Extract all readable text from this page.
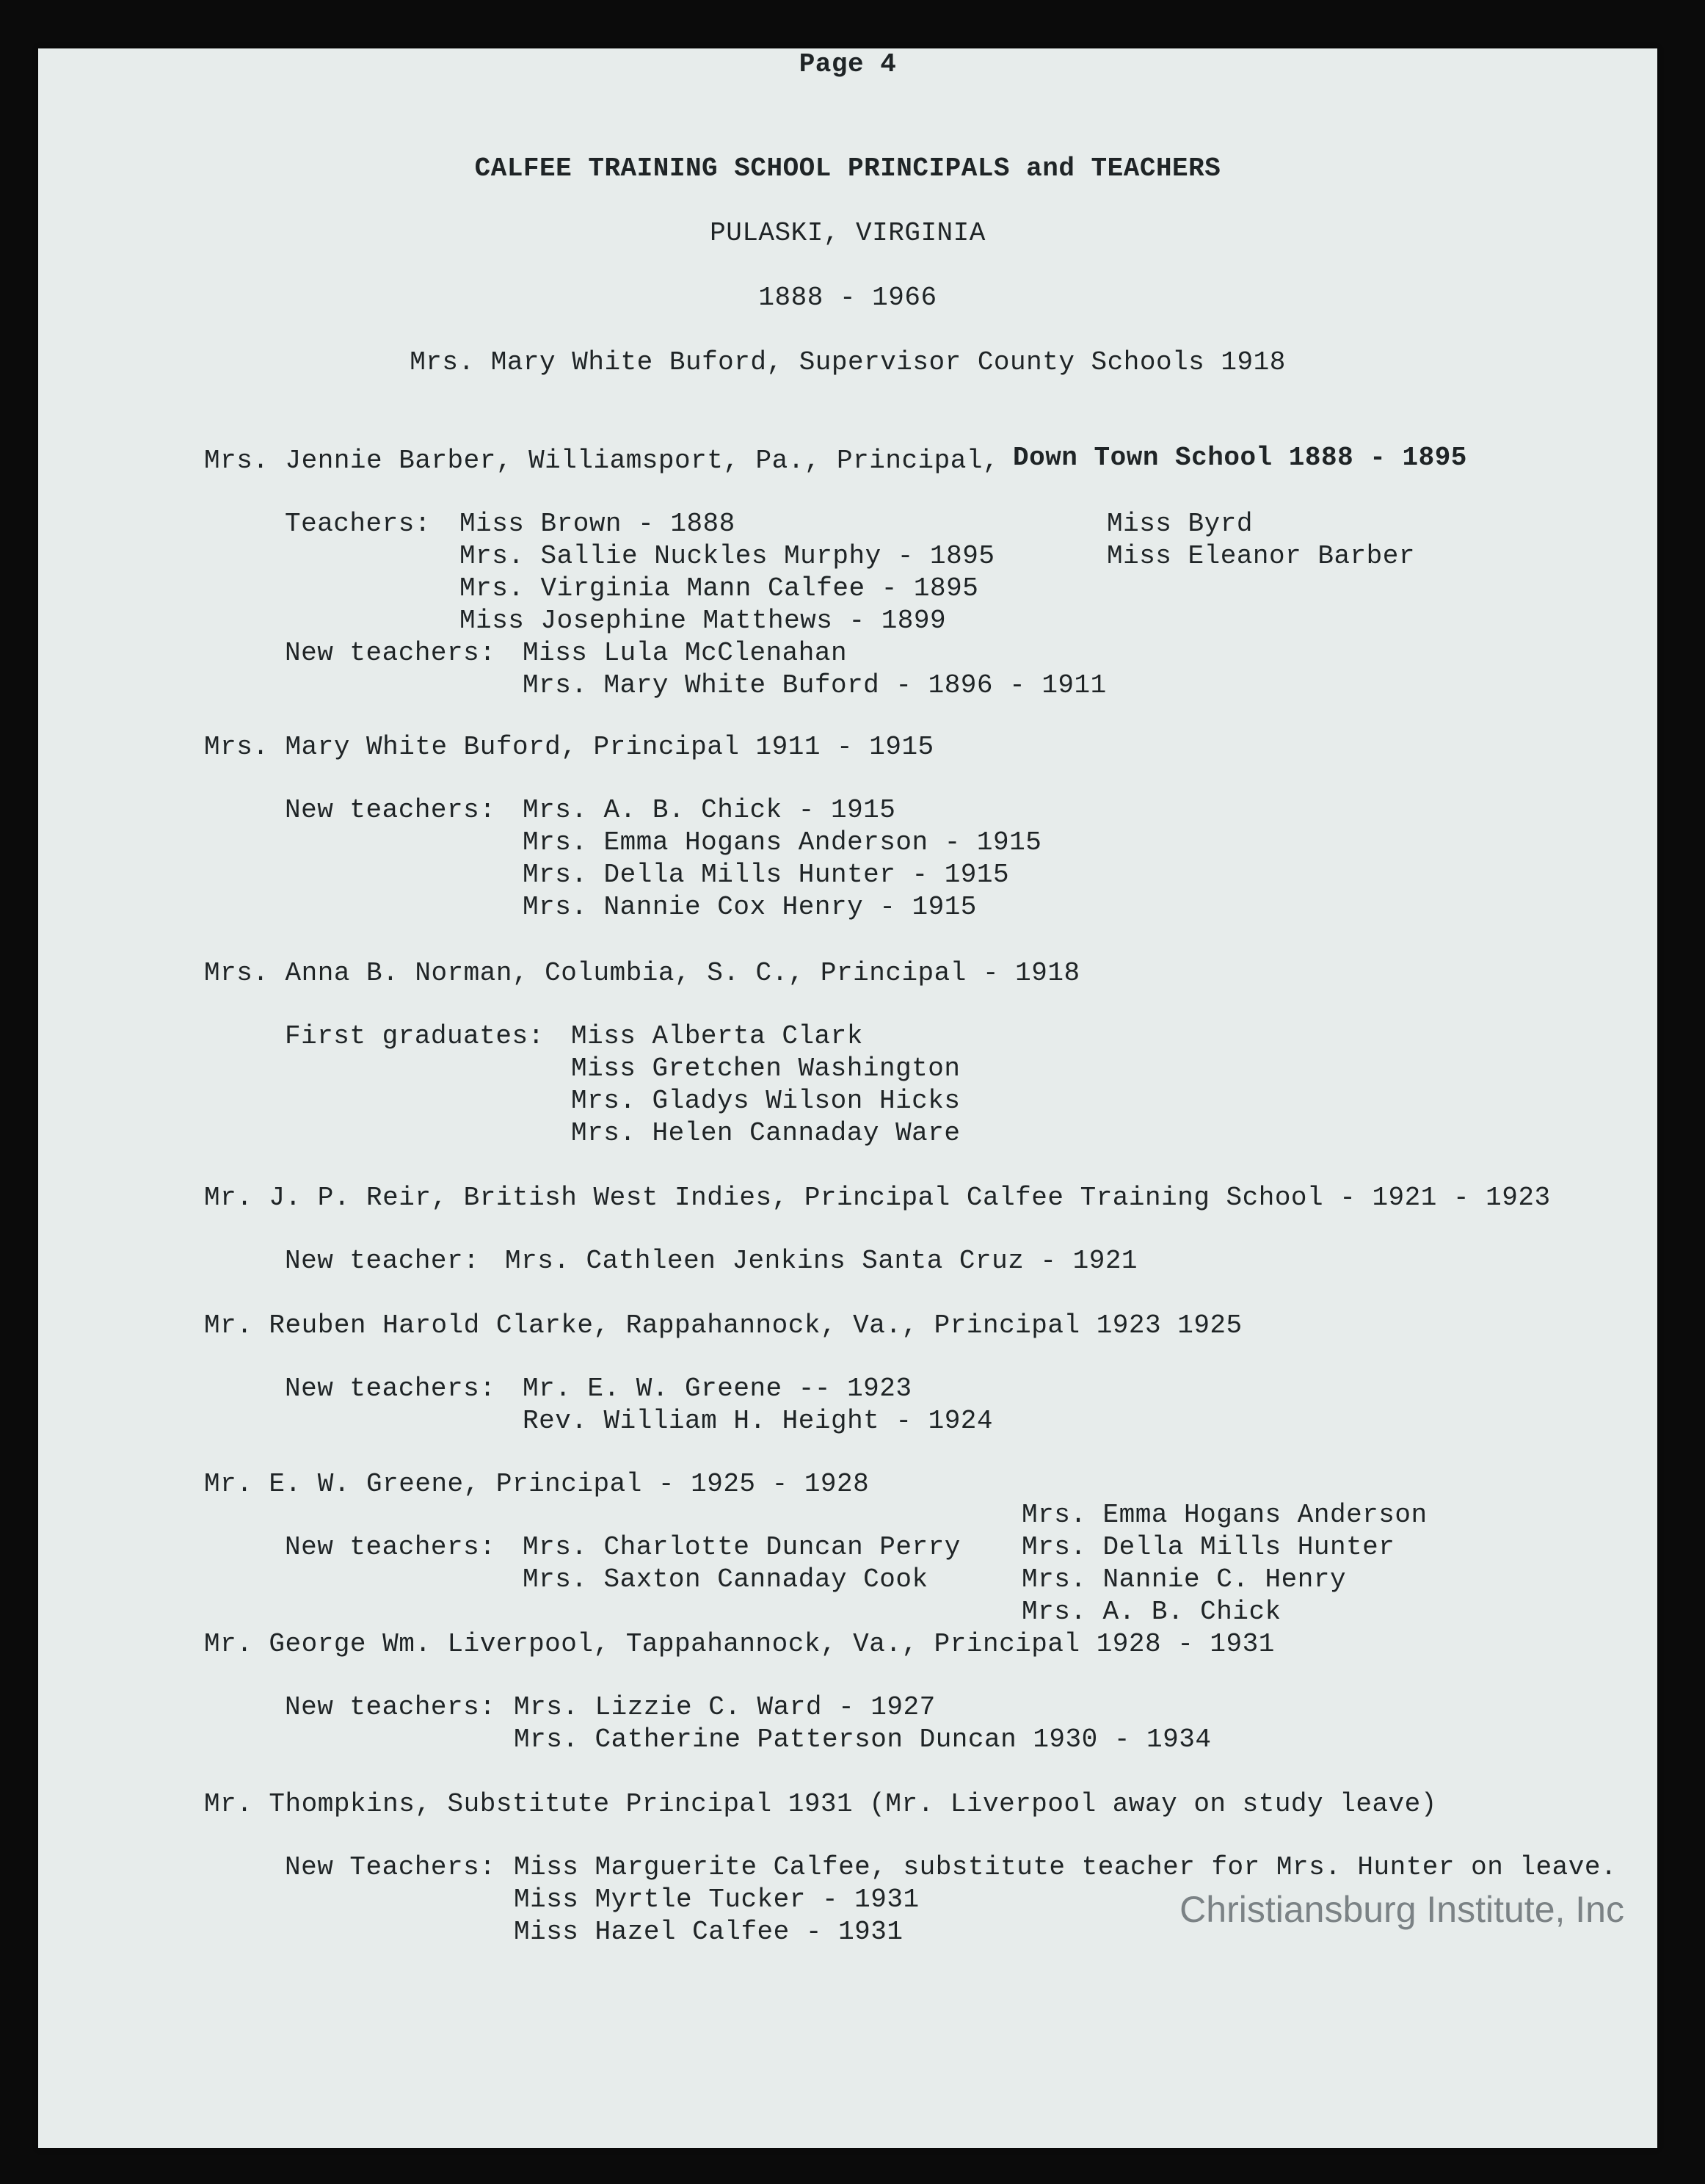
Page 4
CALFEE TRAINING SCHOOL PRINCIPALS and TEACHERS
PULASKI, VIRGINIA
1888 - 1966
Mrs. Mary White Buford, Supervisor County Schools 1918
Mrs. Jennie Barber, Williamsport, Pa., Principal, Down Town School 1888 - 1895
Teachers: Miss Brown - 1888
Mrs. Sallie Nuckles Murphy - 1895
Mrs. Virginia Mann Calfee - 1895
Miss Josephine Matthews - 1899
Miss Byrd
Miss Eleanor Barber
New teachers: Miss Lula McClenahan
Mrs. Mary White Buford - 1896 - 1911
Mrs. Mary White Buford, Principal 1911 - 1915
New teachers: Mrs. A. B. Chick - 1915
Mrs. Emma Hogans Anderson - 1915
Mrs. Della Mills Hunter - 1915
Mrs. Nannie Cox Henry - 1915
Mrs. Anna B. Norman, Columbia, S. C., Principal - 1918
First graduates: Miss Alberta Clark
Miss Gretchen Washington
Mrs. Gladys Wilson Hicks
Mrs. Helen Cannaday Ware
Mr. J. P. Reir, British West Indies, Principal Calfee Training School - 1921 - 1923
New teacher: Mrs. Cathleen Jenkins Santa Cruz - 1921
Mr. Reuben Harold Clarke, Rappahannock, Va., Principal 1923 1925
New teachers: Mr. E. W. Greene -- 1923
Rev. William H. Height - 1924
Mr. E. W. Greene, Principal - 1925 - 1928
New teachers: Mrs. Charlotte Duncan Perry
Mrs. Saxton Cannaday Cook
Mrs. Emma Hogans Anderson
Mrs. Della Mills Hunter
Mrs. Nannie C. Henry
Mrs. A. B. Chick
Mr. George Wm. Liverpool, Tappahannock, Va., Principal 1928 - 1931
New teachers: Mrs. Lizzie C. Ward - 1927
Mrs. Catherine Patterson Duncan 1930 - 1934
Mr. Thompkins, Substitute Principal 1931 (Mr. Liverpool away on study leave)
New Teachers: Miss Marguerite Calfee, substitute teacher for Mrs. Hunter on leave.
Miss Myrtle Tucker - 1931
Miss Hazel Calfee - 1931
Christiansburg Institute, Inc
